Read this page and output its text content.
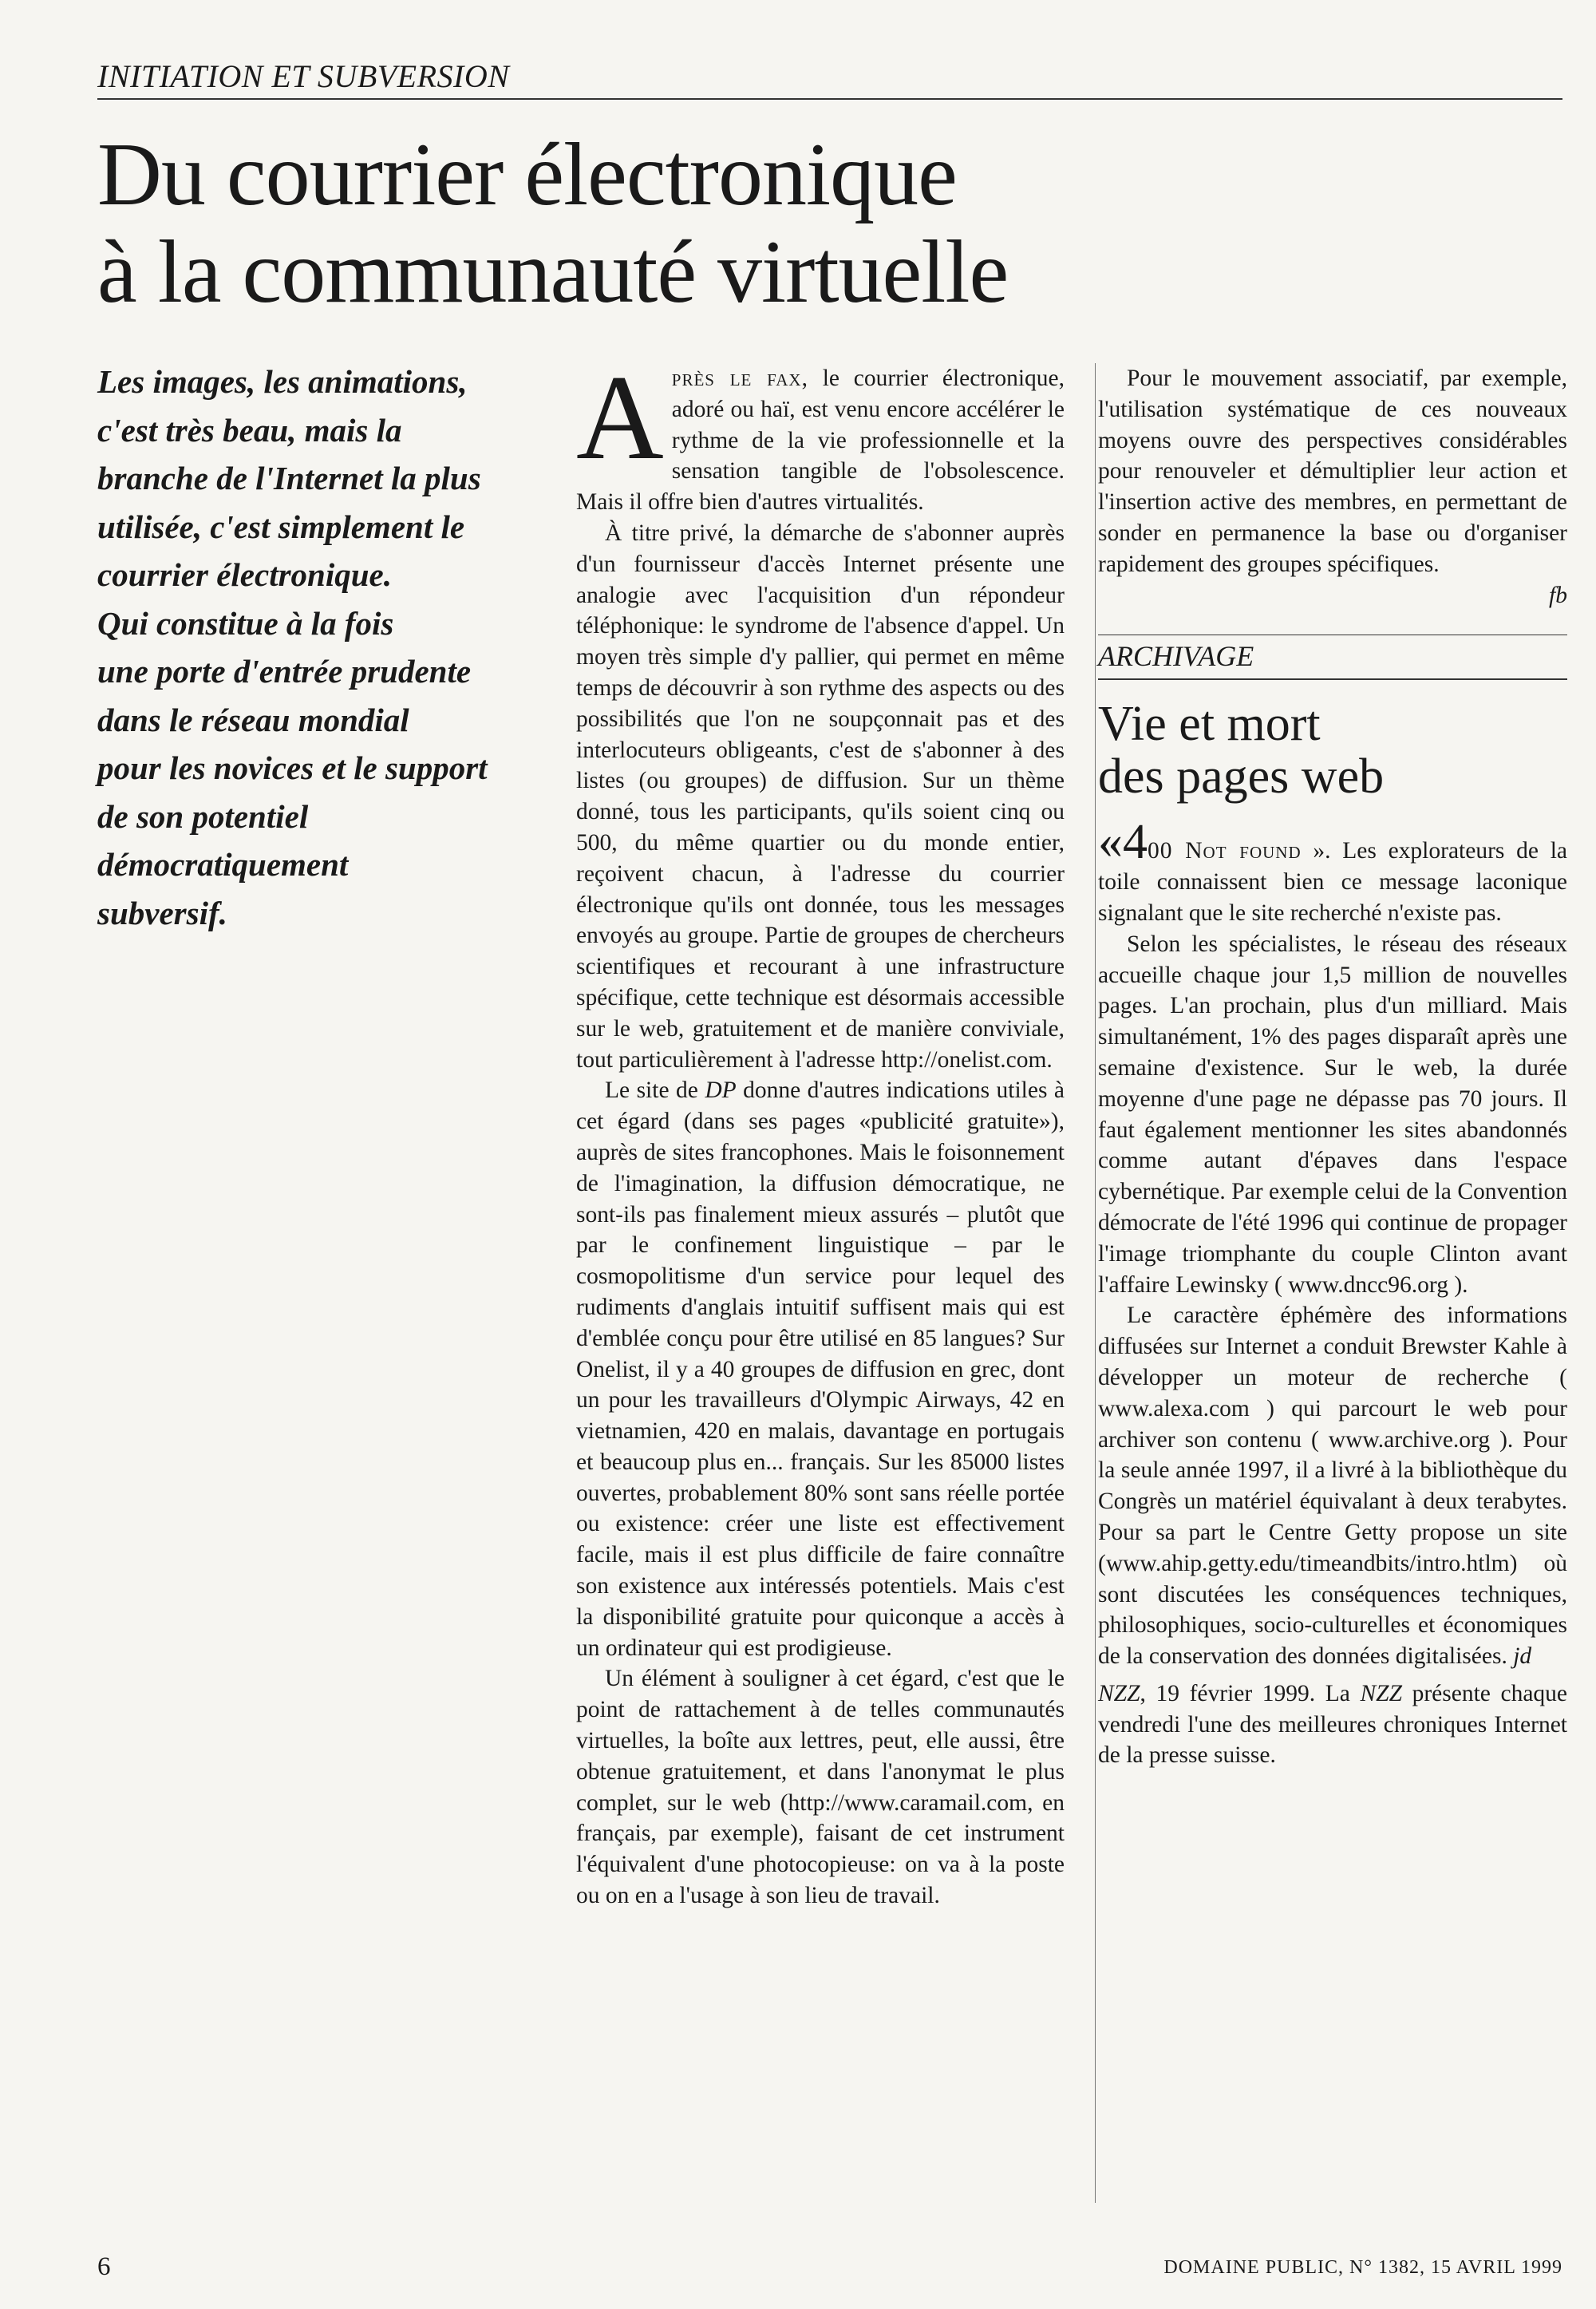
INITIATION ET SUBVERSION
Du courrier électronique
à la communauté virtuelle
Les images, les animations,
c'est très beau, mais la
branche de l'Internet la plus
utilisée, c'est simplement le
courrier électronique.
Qui constitue à la fois
une porte d'entrée prudente
dans le réseau mondial
pour les novices et le support
de son potentiel
démocratiquement
subversif.

Après le fax, le courrier électronique, adoré ou haï, est venu encore accélérer le rythme de la vie professionnelle et la sensation tangible de l'obsolescence. Mais il offre bien d'autres virtualités.

À titre privé, la démarche de s'abonner auprès d'un fournisseur d'accès Internet présente une analogie avec l'acquisition d'un répondeur téléphonique: le syndrome de l'absence d'appel. Un moyen très simple d'y pallier, qui permet en même temps de découvrir à son rythme des aspects ou des possibilités que l'on ne soupçonnait pas et des interlocuteurs obligeants, c'est de s'abonner à des listes (ou groupes) de diffusion. Sur un thème donné, tous les participants, qu'ils soient cinq ou 500, du même quartier ou du monde entier, reçoivent chacun, à l'adresse du courrier électronique qu'ils ont donnée, tous les messages envoyés au groupe. Partie de groupes de chercheurs scientifiques et recourant à une infrastructure spécifique, cette technique est désormais accessible sur le web, gratuitement et de manière conviviale, tout particulièrement à l'adresse http://onelist.com.

Le site de DP donne d'autres indications utiles à cet égard (dans ses pages «publicité gratuite»), auprès de sites francophones. Mais le foisonnement de l'imagination, la diffusion démocratique, ne sont-ils pas finalement mieux assurés – plutôt que par le confinement linguistique – par le cosmopolitisme d'un service pour lequel des rudiments d'anglais intuitif suffisent mais qui est d'emblée conçu pour être utilisé en 85 langues? Sur Onelist, il y a 40 groupes de diffusion en grec, dont un pour les travailleurs d'Olympic Airways, 42 en vietnamien, 420 en malais, davantage en portugais et beaucoup plus en... français. Sur les 85000 listes ouvertes, probablement 80% sont sans réelle portée ou existence: créer une liste est effectivement facile, mais il est plus difficile de faire connaître son existence aux intéressés potentiels. Mais c'est la disponibilité gratuite pour quiconque a accès à un ordinateur qui est prodigieuse.

Un élément à souligner à cet égard, c'est que le point de rattachement à de telles communautés virtuelles, la boîte aux lettres, peut, elle aussi, être obtenue gratuitement, et dans l'anonymat le plus complet, sur le web (http://www.caramail.com, en français, par exemple), faisant de cet instrument l'équivalent d'une photocopieuse: on va à la poste ou on en a l'usage à son lieu de travail.

Pour le mouvement associatif, par exemple, l'utilisation systématique de ces nouveaux moyens ouvre des perspectives considérables pour renouveler et démultiplier leur action et l'insertion active des membres, en permettant de sonder en permanence la base ou d'organiser rapidement des groupes spécifiques.
fb

ARCHIVAGE
Vie et mort
des pages web

«400 Not found ». Les explorateurs de la toile connaissent bien ce message laconique signalant que le site recherché n'existe pas.

Selon les spécialistes, le réseau des réseaux accueille chaque jour 1,5 million de nouvelles pages. L'an prochain, plus d'un milliard. Mais simultanément, 1% des pages disparaît après une semaine d'existence. Sur le web, la durée moyenne d'une page ne dépasse pas 70 jours. Il faut également mentionner les sites abandonnés comme autant d'épaves dans l'espace cybernétique. Par exemple celui de la Convention démocrate de l'été 1996 qui continue de propager l'image triomphante du couple Clinton avant l'affaire Lewinsky ( www.dncc96.org ).

Le caractère éphémère des informations diffusées sur Internet a conduit Brewster Kahle à développer un moteur de recherche ( www.alexa.com ) qui parcourt le web pour archiver son contenu ( www.archive.org ). Pour la seule année 1997, il a livré à la bibliothèque du Congrès un matériel équivalant à deux terabytes. Pour sa part le Centre Getty propose un site (www.ahip.getty.edu/timeandbits/intro.htlm) où sont discutées les conséquences techniques, philosophiques, socio-culturelles et économiques de la conservation des données digitalisées. jd

NZZ, 19 février 1999. La NZZ présente chaque vendredi l'une des meilleures chroniques Internet de la presse suisse.

6	DOMAINE PUBLIC, N° 1382, 15 AVRIL 1999
